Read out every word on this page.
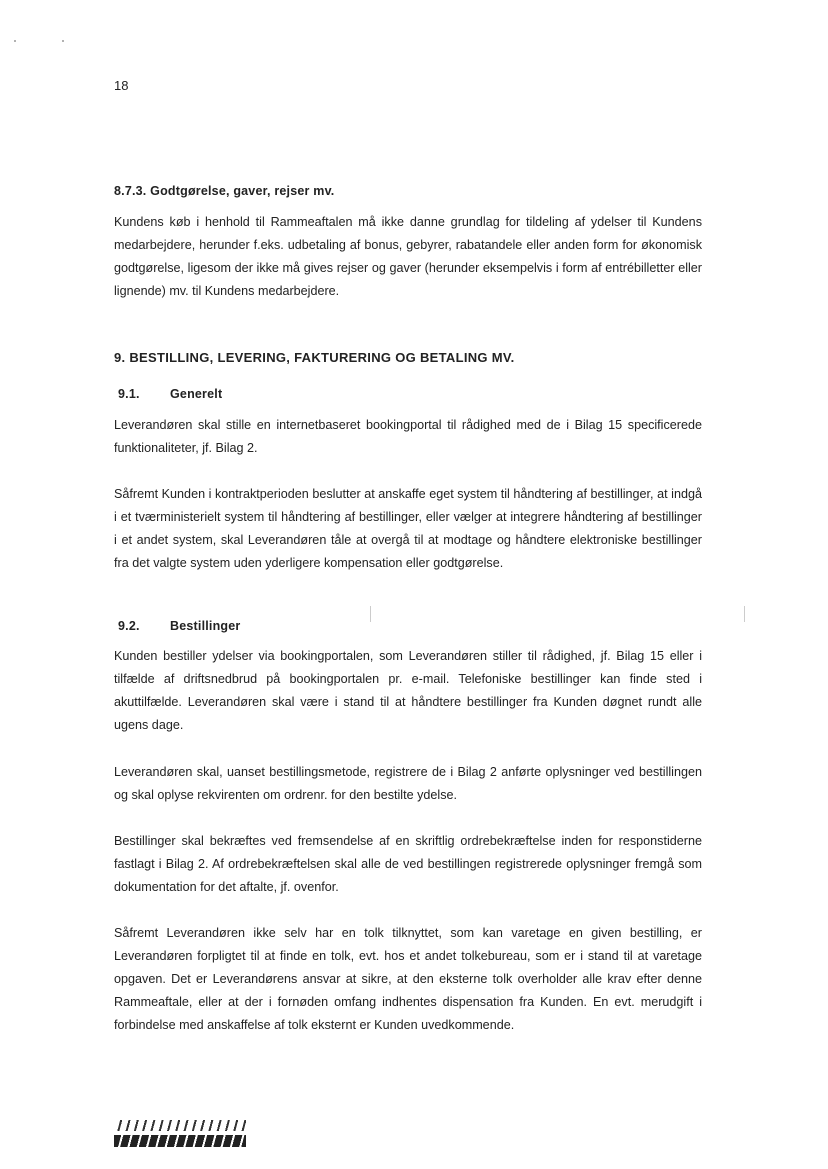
18
8.7.3. Godtgørelse, gaver, rejser mv.

Kundens køb i henhold til Rammeaftalen må ikke danne grundlag for tildeling af ydelser til Kundens medarbejdere, herunder f.eks. udbetaling af bonus, gebyrer, rabatandele eller anden form for økonomisk godtgørelse, ligesom der ikke må gives rejser og gaver (herunder eksempelvis i form af entrébilletter eller lignende) mv. til Kundens medarbejdere.

9. BESTILLING, LEVERING, FAKTURERING OG BETALING MV.
9.1. Generelt

Leverandøren skal stille en internetbaseret bookingportal til rådighed med de i Bilag 15 specificerede funktionaliteter, jf. Bilag 2.

Såfremt Kunden i kontraktperioden beslutter at anskaffe eget system til håndtering af bestillinger, at indgå i et tværministerielt system til håndtering af bestillinger, eller vælger at integrere håndtering af bestillinger i et andet system, skal Leverandøren tåle at overgå til at modtage og håndtere elektroniske bestillinger fra det valgte system uden yderligere kompensation eller godtgørelse.

9.2. Bestillinger

Kunden bestiller ydelser via bookingportalen, som Leverandøren stiller til rådighed, jf. Bilag 15 eller i tilfælde af driftsnedbrud på bookingportalen pr. e-mail. Telefoniske bestillinger kan finde sted i akuttilfælde. Leverandøren skal være i stand til at håndtere bestillinger fra Kunden døgnet rundt alle ugens dage.

Leverandøren skal, uanset bestillingsmetode, registrere de i Bilag 2 anførte oplysninger ved bestillingen og skal oplyse rekvirenten om ordrenr. for den bestilte ydelse.

Bestillinger skal bekræftes ved fremsendelse af en skriftlig ordrebekræftelse inden for responstiderne fastlagt i Bilag 2. Af ordrebekræftelsen skal alle de ved bestillingen registrerede oplysninger fremgå som dokumentation for det aftalte, jf. ovenfor.

Såfremt Leverandøren ikke selv har en tolk tilknyttet, som kan varetage en given bestilling, er Leverandøren forpligtet til at finde en tolk, evt. hos et andet tolkebureau, som er i stand til at varetage opgaven. Det er Leverandørens ansvar at sikre, at den eksterne tolk overholder alle krav efter denne Rammeaftale, eller at der i fornøden omfang indhentes dispensation fra Kunden. En evt. merudgift i forbindelse med anskaffelse af tolk eksternt er Kunden uvedkommende.
